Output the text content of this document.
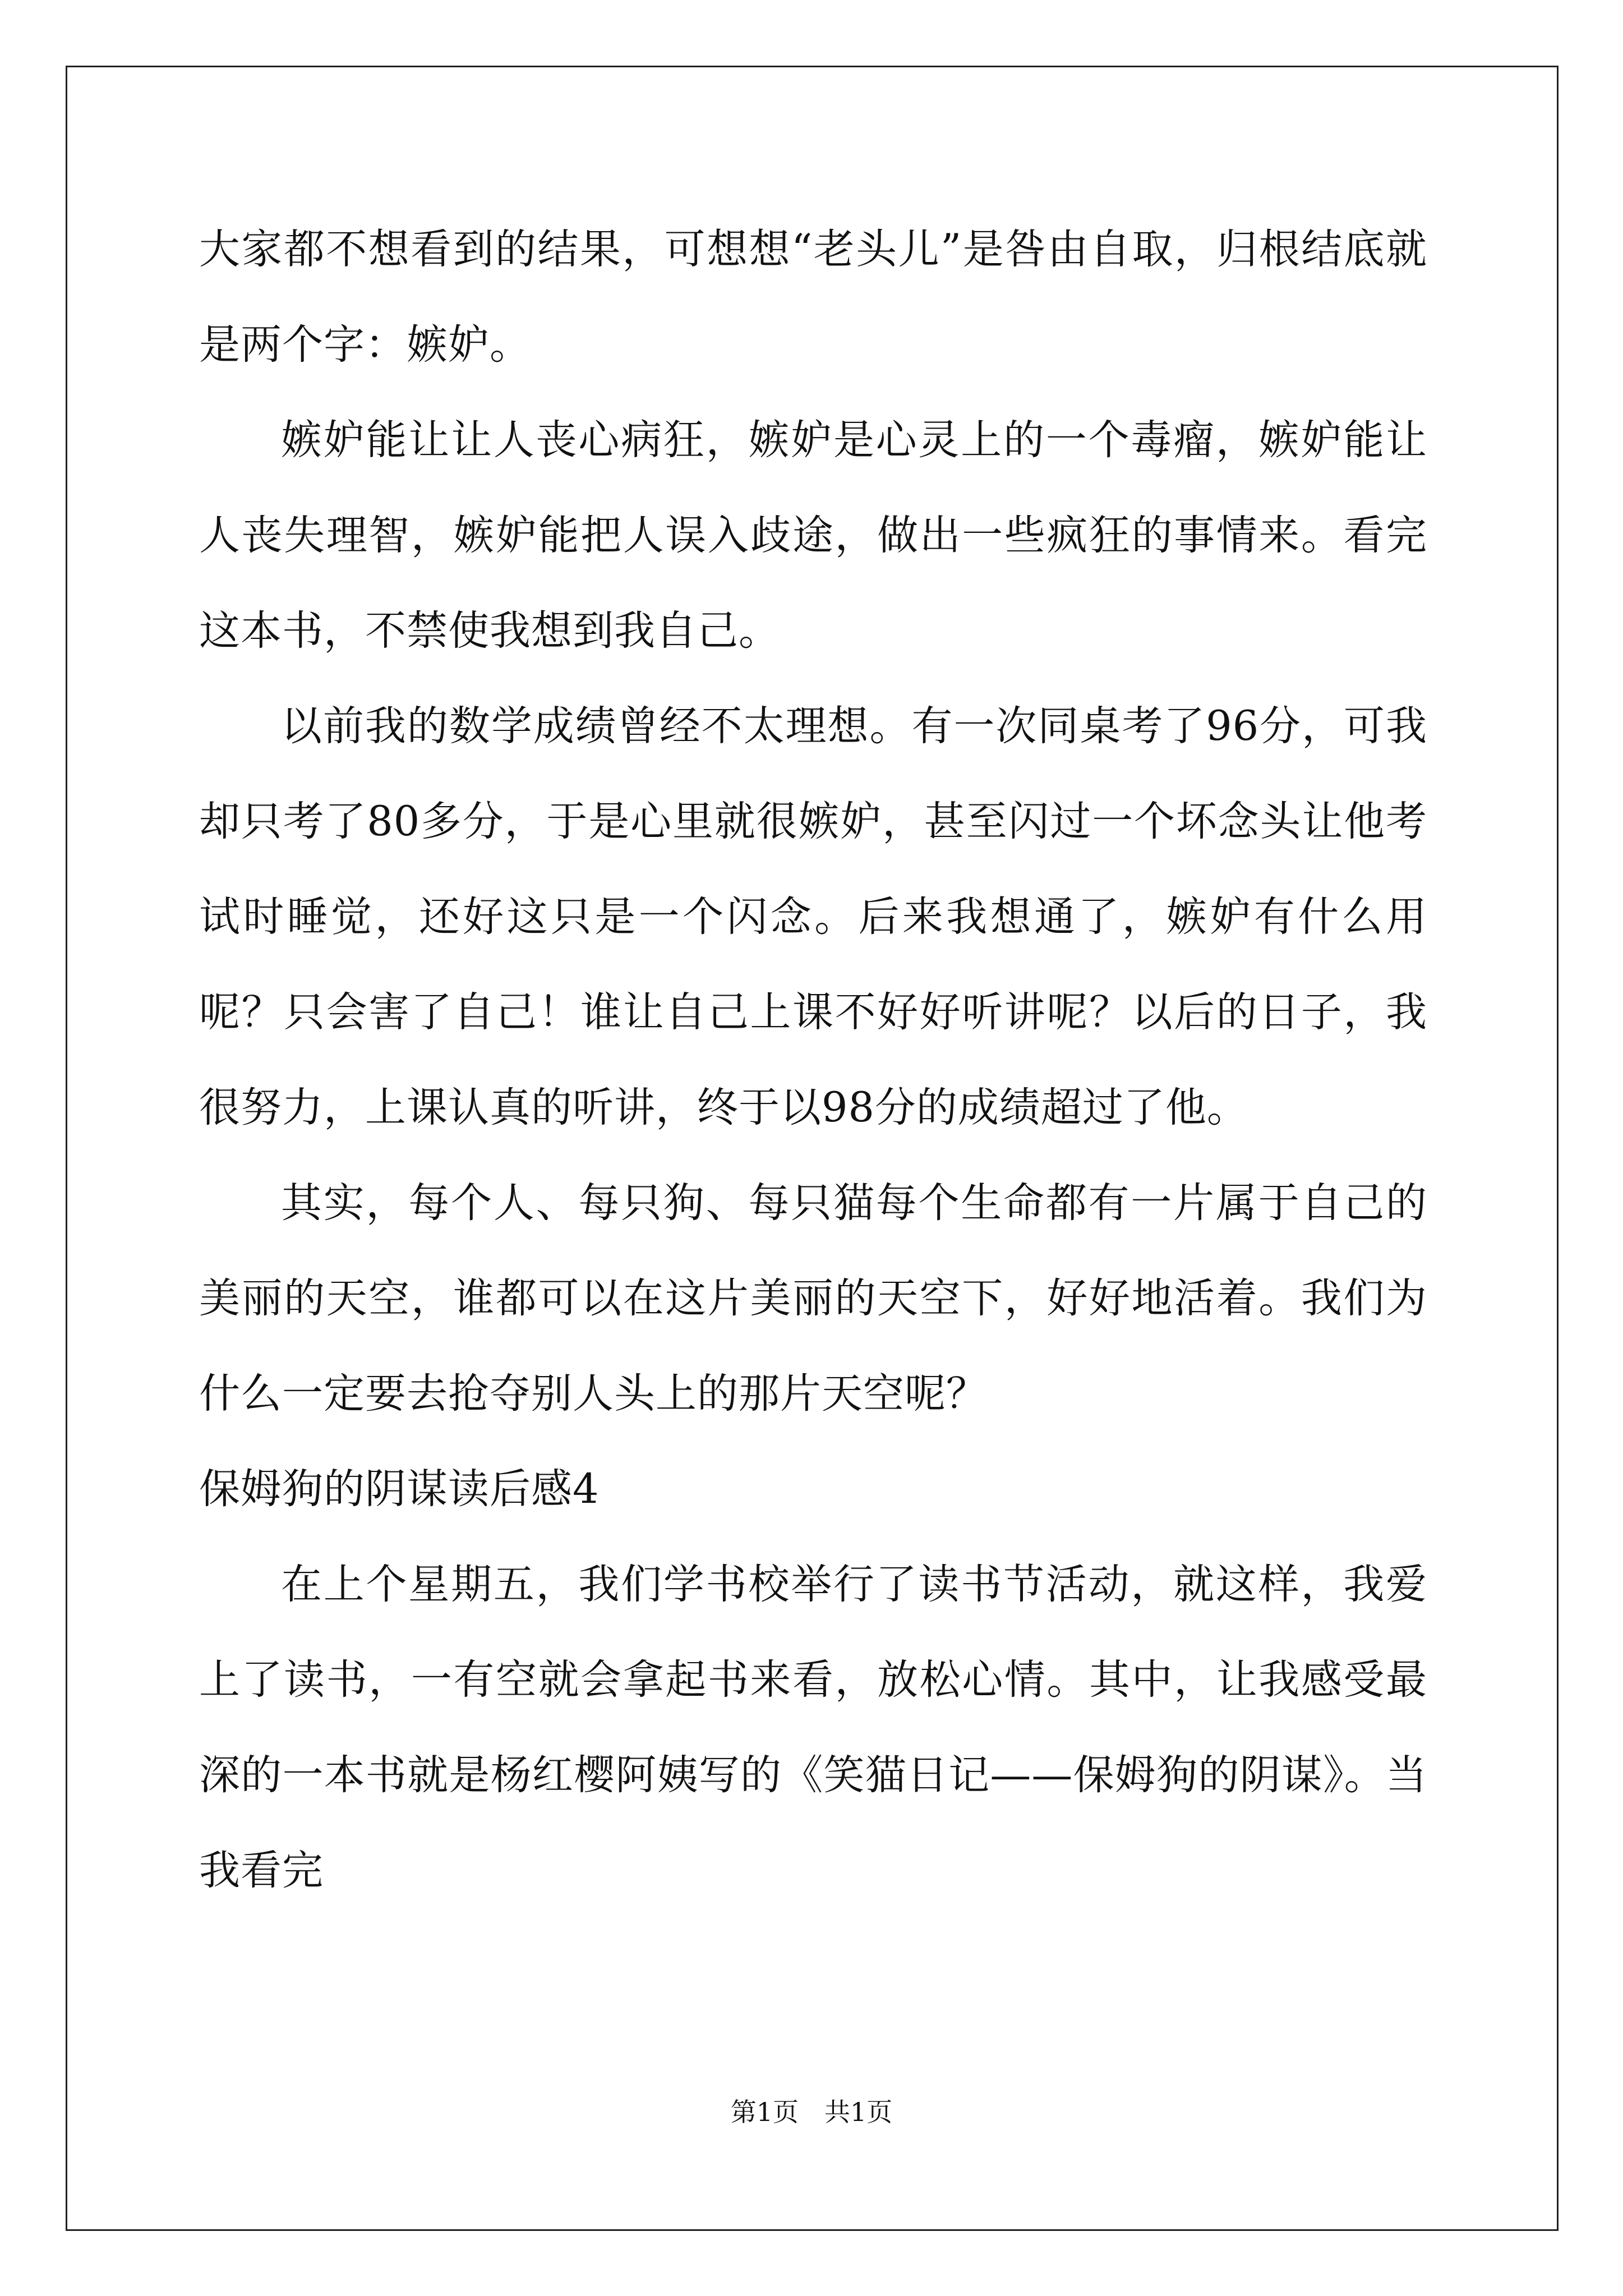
大家都不想看到的结果，可想想“老头儿”是咎由自取，归根结底就是两个字：嫉妒。

嫉妒能让让人丧心病狂，嫉妒是心灵上的一个毒瘤，嫉妒能让人丧失理智，嫉妒能把人误入歧途，做出一些疯狂的事情来。看完这本书，不禁使我想到我自己。

以前我的数学成绩曾经不太理想。有一次同桌考了96分，可我却只考了80多分，于是心里就很嫉妒，甚至闪过一个坏念头让他考试时睡觉，还好这只是一个闪念。后来我想通了，嫉妒有什么用呢？只会害了自己！谁让自己上课不好好听讲呢？以后的日子，我很努力，上课认真的听讲，终于以98分的成绩超过了他。

其实，每个人、每只狗、每只猫每个生命都有一片属于自己的美丽的天空，谁都可以在这片美丽的天空下，好好地活着。我们为什么一定要去抢夺别人头上的那片天空呢？

保姆狗的阴谋读后感4

在上个星期五，我们学书校举行了读书节活动，就这样，我爱上了读书，一有空就会拿起书来看，放松心情。其中，让我感受最深的一本书就是杨红樱阿姨写的《笑猫日记——保姆狗的阴谋》。当我看完

第1页　共1页
